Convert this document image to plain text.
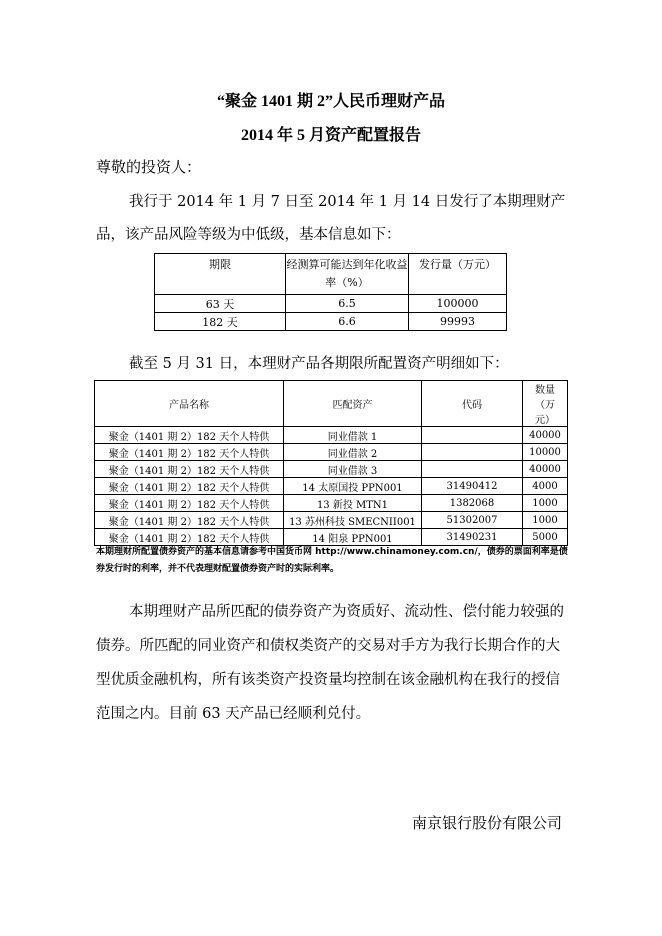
“聚金 1401 期 2”人民币理财产品
2014 年 5 月资产配置报告
尊敬的投资人：

我行于 2014 年 1 月 7 日至 2014 年 1 月 14 日发行了本期理财产品，该产品风险等级为中低级，基本信息如下：

期限	经测算可能达到年化收益率（%）	发行量（万元）
63 天	6.5	100000
182 天	6.6	99993

截至 5 月 31 日，本理财产品各期限所配置资产明细如下：

产品名称	匹配资产	代码	数量（万元）
聚金（1401 期 2）182 天个人特供	同业借款 1		40000
聚金（1401 期 2）182 天个人特供	同业借款 2		10000
聚金（1401 期 2）182 天个人特供	同业借款 3		40000
聚金（1401 期 2）182 天个人特供	14 太原国投 PPN001	31490412	4000
聚金（1401 期 2）182 天个人特供	13 新投 MTN1	1382068	1000
聚金（1401 期 2）182 天个人特供	13 苏州科技 SMECNII001	51302007	1000
聚金（1401 期 2）182 天个人特供	14 阳泉 PPN001	31490231	5000

本期理财所配置债券资产的基本信息请参考中国货币网 http://www.chinamoney.com.cn/，债券的票面利率是债券发行时的利率，并不代表理财配置债券资产时的实际利率。

本期理财产品所匹配的债券资产为资质好、流动性、偿付能力较强的债券。所匹配的同业资产和债权类资产的交易对手方为我行长期合作的大型优质金融机构，所有该类资产投资量均控制在该金融机构在我行的授信范围之内。目前 63 天产品已经顺利兑付。

南京银行股份有限公司
